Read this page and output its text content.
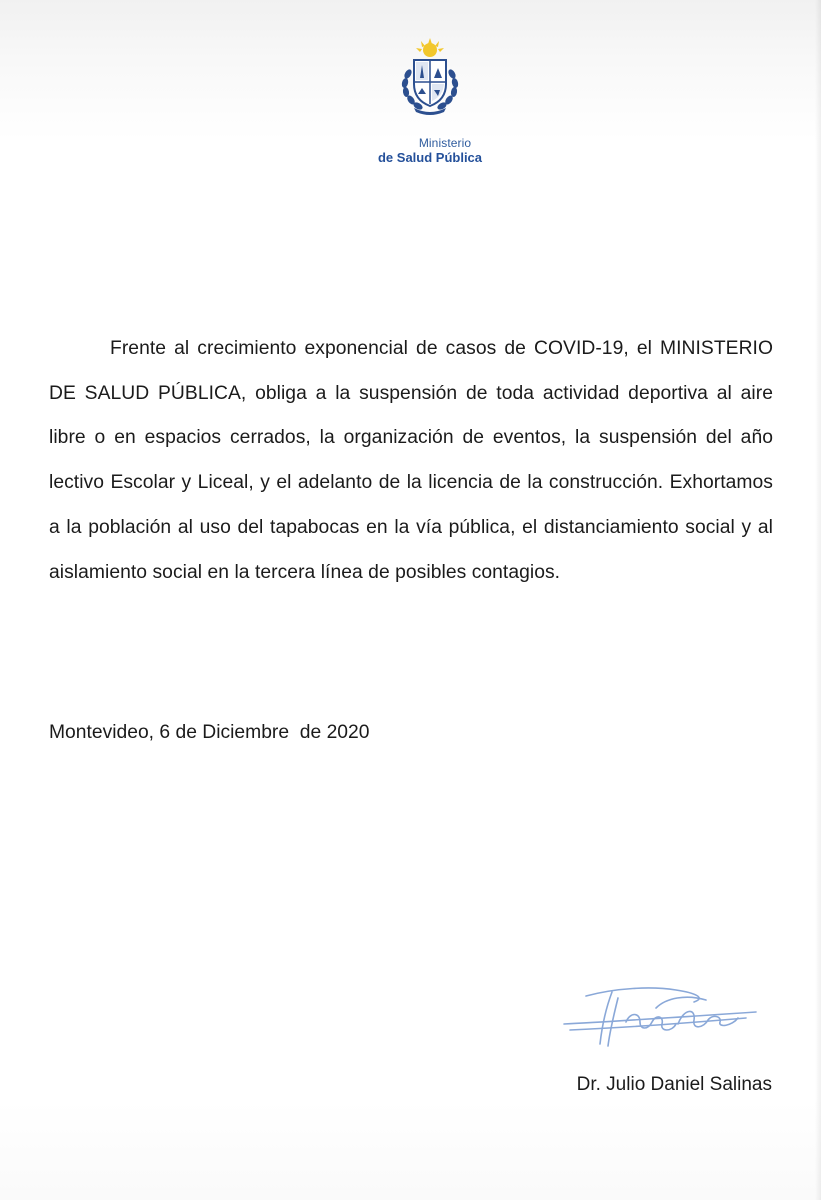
Ministerio
de Salud Pública

Frente al crecimiento exponencial de casos de COVID-19, el MINISTERIO DE SALUD PÚBLICA, obliga a la suspensión de toda actividad deportiva al aire libre o en espacios cerrados, la organización de eventos, la suspensión del año lectivo Escolar y Liceal, y el adelanto de la licencia de la construcción. Exhortamos a la población al uso del tapabocas en la vía pública, el distanciamiento social y al aislamiento social en la tercera línea de posibles contagios.

Montevideo, 6 de Diciembre  de 2020

Dr. Julio Daniel Salinas
